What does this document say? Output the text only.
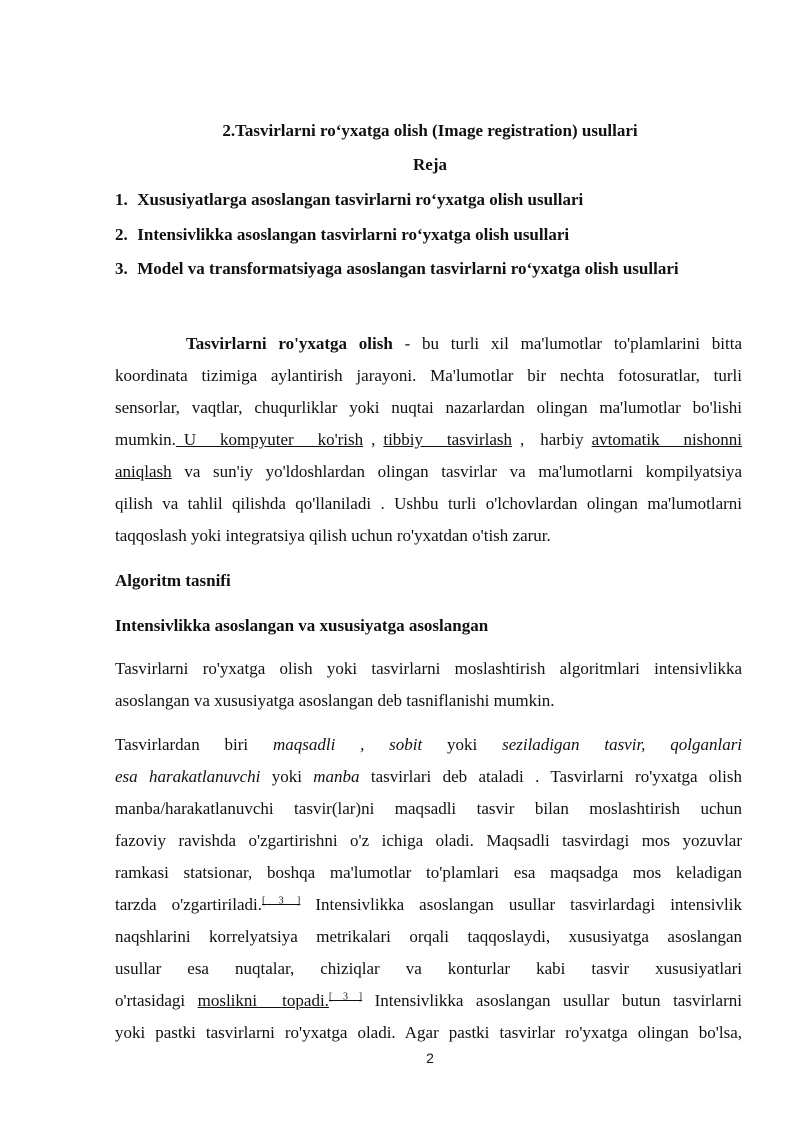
2.Tasvirlarni ro‘yxatga olish (Image registration) usullari
Reja
1. Xususiyatlarga asoslangan tasvirlarni ro‘yxatga olish usullari
2. Intensivlikka asoslangan tasvirlarni ro‘yxatga olish usullari
3. Model va transformatsiyaga asoslangan tasvirlarni ro‘yxatga olish usullari
Tasvirlarni ro'yxatga olish - bu turli xil ma'lumotlar to'plamlarini bitta
koordinata tizimiga aylantirish jarayoni. Ma'lumotlar bir nechta fotosuratlar, turli
sensorlar, vaqtlar, chuqurliklar yoki nuqtai nazarlardan olingan ma'lumotlar bo'lishi
mumkin. U   kompyuter   ko'rish , tibbiy   tasvirlash ,  harbiy avtomatik   nishonni
aniqlash va sun'iy yo'ldoshlardan olingan tasvirlar va ma'lumotlarni kompilyatsiya
qilish va tahlil qilishda qo'llaniladi . Ushbu turli o'lchovlardan olingan ma'lumotlarni
taqqoslash yoki integratsiya qilish uchun ro'yxatdan o'tish zarur.
Algoritm tasnifi
Intensivlikka asoslangan va xususiyatga asoslangan
Tasvirlarni ro'yxatga olish yoki tasvirlarni moslashtirish algoritmlari intensivlikka
asoslangan va xususiyatga asoslangan deb tasniflanishi mumkin.
Tasvirlardan biri maqsadli , sobit yoki seziladigan tasvir, qolganlari
esa harakatlanuvchi yoki manba tasvirlari deb ataladi . Tasvirlarni ro'yxatga olish
manba/harakatlanuvchi tasvir(lar)ni maqsadli tasvir bilan moslashtirish uchun
fazoviy ravishda o'zgartirishni o'z ichiga oladi. Maqsadli tasvirdagi mos yozuvlar
ramkasi statsionar, boshqa ma'lumotlar to'plamlari esa maqsadga mos keladigan
tarzda o'zgartiriladi.[ 3 ] Intensivlikka asoslangan usullar tasvirlardagi intensivlik
naqshlarini korrelyatsiya metrikalari orqali taqqoslaydi, xususiyatga asoslangan
usullar esa nuqtalar, chiziqlar va konturlar kabi tasvir xususiyatlari
o'rtasidagi moslikni  topadi.[ 3 ] Intensivlikka asoslangan usullar butun tasvirlarni
yoki pastki tasvirlarni ro'yxatga oladi. Agar pastki tasvirlar ro'yxatga olingan bo'lsa,
2
